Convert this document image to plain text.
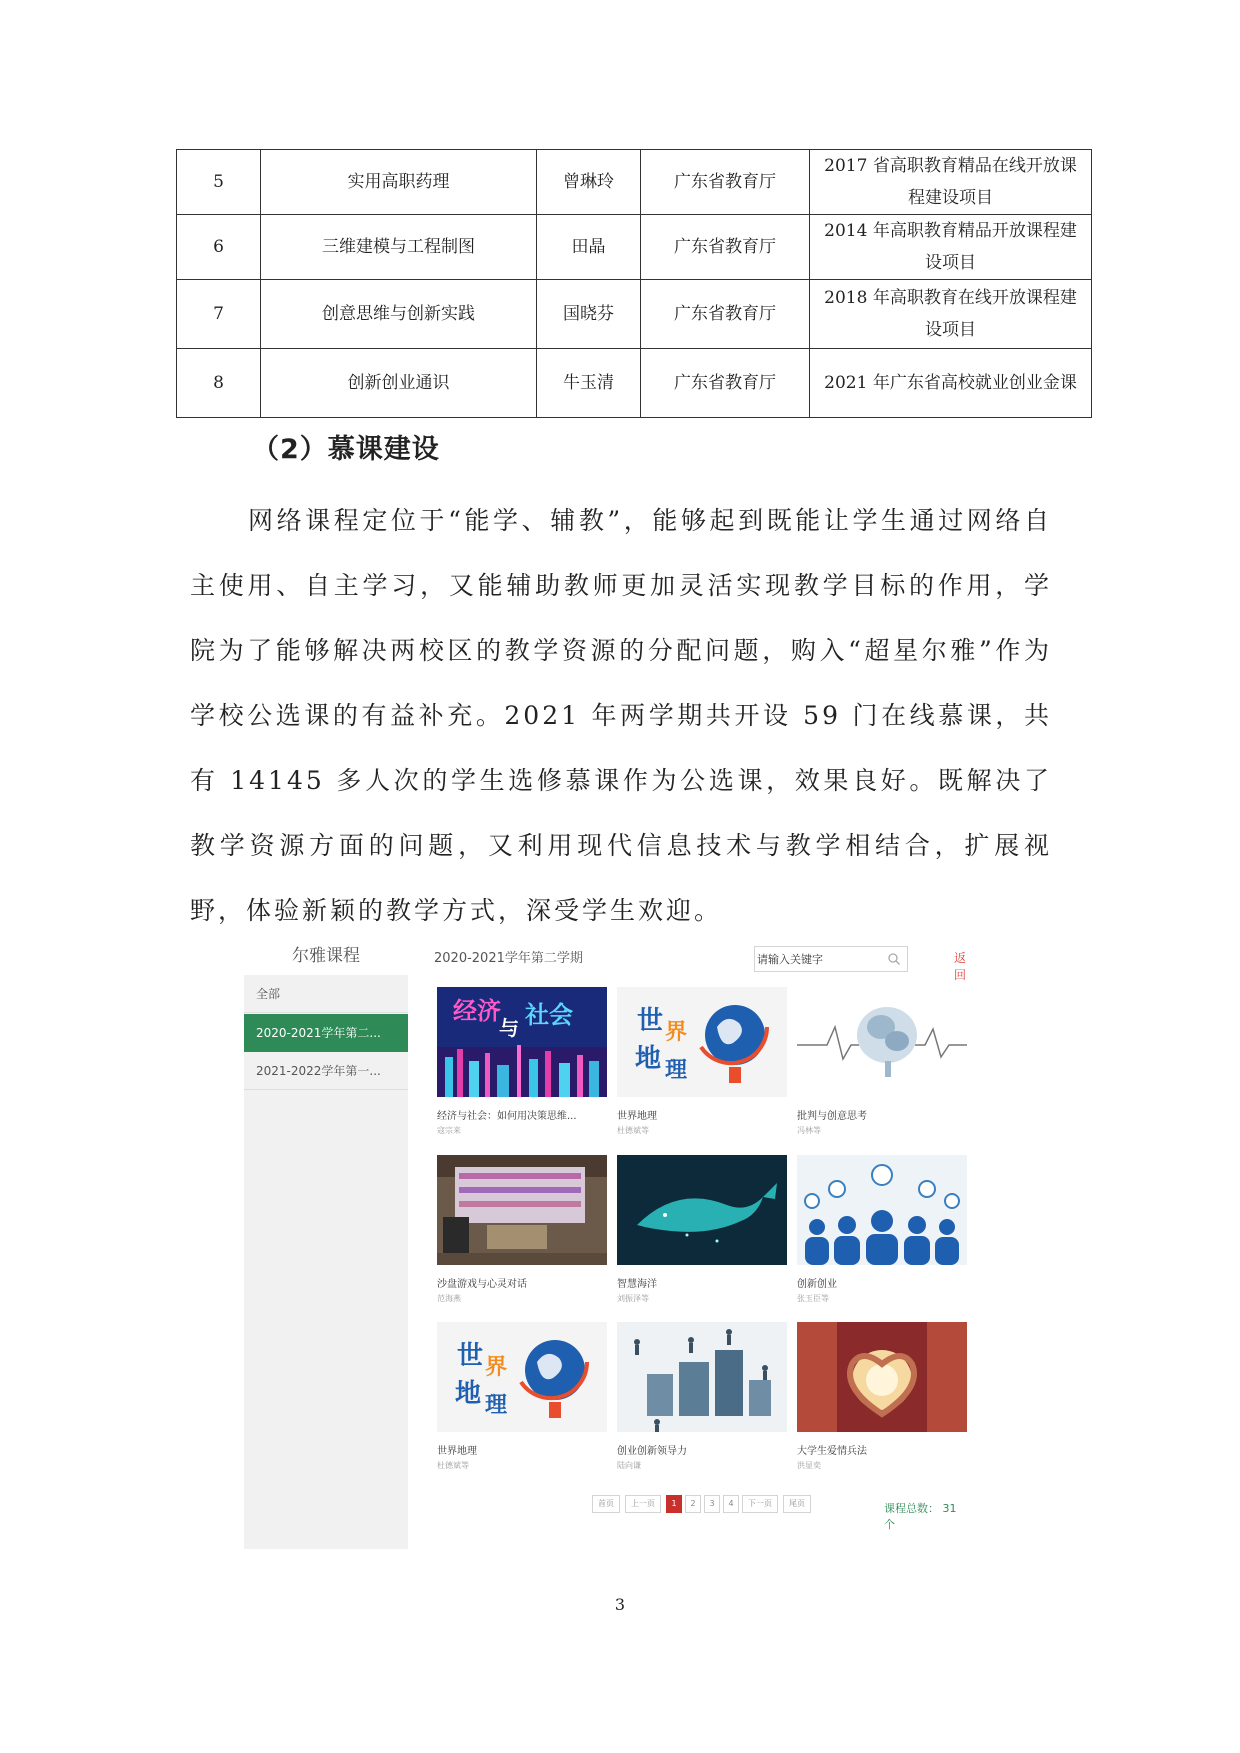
5	实用高职药理	曾琳玲	广东省教育厅	2017 省高职教育精品在线开放课程建设项目
6	三维建模与工程制图	田晶	广东省教育厅	2014 年高职教育精品开放课程建设项目
7	创意思维与创新实践	国晓芬	广东省教育厅	2018 年高职教育在线开放课程建设项目
8	创新创业通识	牛玉清	广东省教育厅	2021 年广东省高校就业创业金课
（2）慕课建设

网络课程定位于“能学、辅教”，能够起到既能让学生通过网络自主使用、自主学习，又能辅助教师更加灵活实现教学目标的作用，学院为了能够解决两校区的教学资源的分配问题，购入“超星尔雅”作为学校公选课的有益补充。2021 年两学期共开设 59 门在线慕课，共有 14145 多人次的学生选修慕课作为公选课，效果良好。既解决了教学资源方面的问题，又利用现代信息技术与教学相结合，扩展视野，体验新颖的教学方式，深受学生欢迎。

尔雅课程
全部
2020-2021学年第二...
2021-2022学年第一...
2020-2021学年第二学期
请输入关键字	返回
经济
与 社会
经济与社会：如何用决策思维...
寇宗来
世 界
地 理
世界地理
杜德斌等
批判与创意思考
冯林等
沙盘游戏与心灵对话
范海燕
智慧海洋
刘振泽等
创新创业
张玉臣等
世 界
地 理
世界地理
杜德斌等
创业创新领导力
陆向谦
大学生爱情兵法
洪显奕
首页	上一页	1	2	3	4	下一页	尾页	课程总数： 31 个
3
